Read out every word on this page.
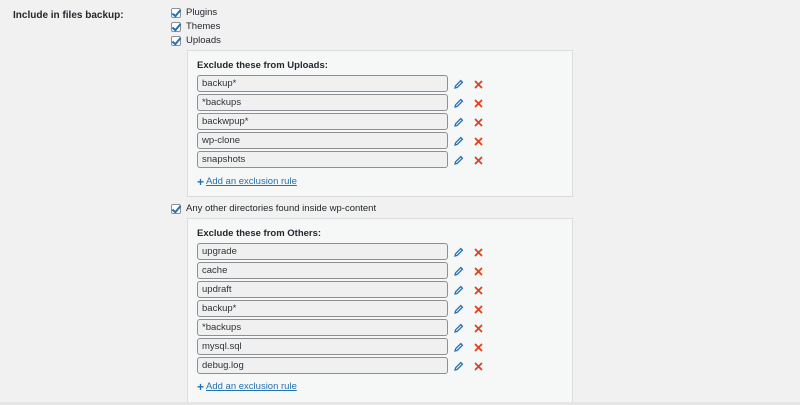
Include in files backup:	Plugins
Themes
Uploads
Exclude these from Uploads:
backup*
*backups
backwpup*
wp-clone
snapshots
+ Add an exclusion rule
Any other directories found inside wp-content
Exclude these from Others:
upgrade
cache
updraft
backup*
*backups
mysql.sql
debug.log
+ Add an exclusion rule
